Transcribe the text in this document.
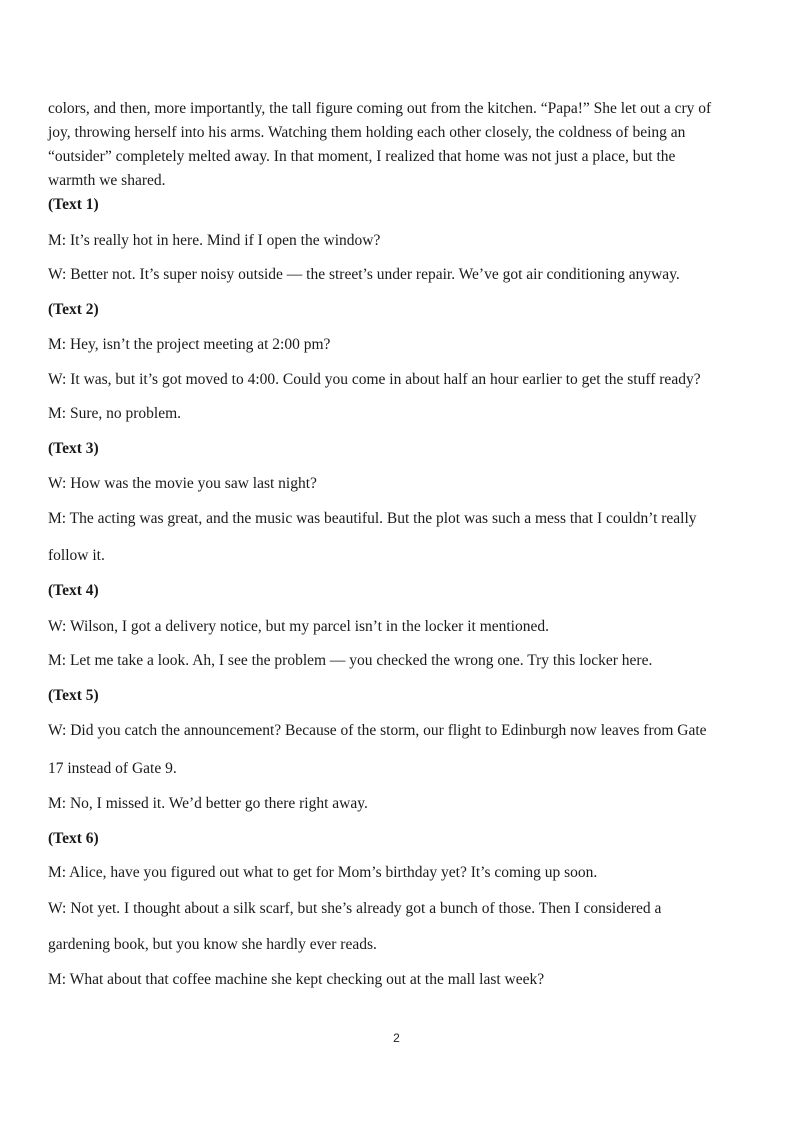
colors, and then, more importantly, the tall figure coming out from the kitchen. “Papa!” She let out a cry of
joy, throwing herself into his arms. Watching them holding each other closely, the coldness of being an
“outsider” completely melted away. In that moment, I realized that home was not just a place, but the
warmth we shared.
(Text 1)
M: It’s really hot in here. Mind if I open the window?
W: Better not. It’s super noisy outside — the street’s under repair. We’ve got air conditioning anyway.
(Text 2)
M: Hey, isn’t the project meeting at 2:00 pm?
W: It was, but it’s got moved to 4:00. Could you come in about half an hour earlier to get the stuff ready?
M: Sure, no problem.
(Text 3)
W: How was the movie you saw last night?
M: The acting was great, and the music was beautiful. But the plot was such a mess that I couldn’t really
follow it.
(Text 4)
W: Wilson, I got a delivery notice, but my parcel isn’t in the locker it mentioned.
M: Let me take a look. Ah, I see the problem — you checked the wrong one. Try this locker here.
(Text 5)
W: Did you catch the announcement? Because of the storm, our flight to Edinburgh now leaves from Gate
17 instead of Gate 9.
M: No, I missed it. We’d better go there right away.
(Text 6)
M: Alice, have you figured out what to get for Mom’s birthday yet? It’s coming up soon.
W: Not yet. I thought about a silk scarf, but she’s already got a bunch of those. Then I considered a
gardening book, but you know she hardly ever reads.
M: What about that coffee machine she kept checking out at the mall last week?
2
